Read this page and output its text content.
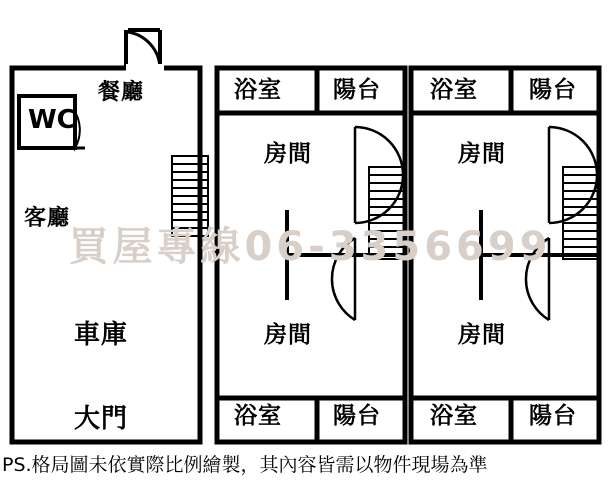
買屋專線06-3356699
餐廳
WC
客廳
車庫
大門
浴室 陽台
房間
房間
浴室 陽台
浴室 陽台
房間
房間
浴室 陽台
PS.格局圖未依實際比例繪製，其內容皆需以物件現場為準
